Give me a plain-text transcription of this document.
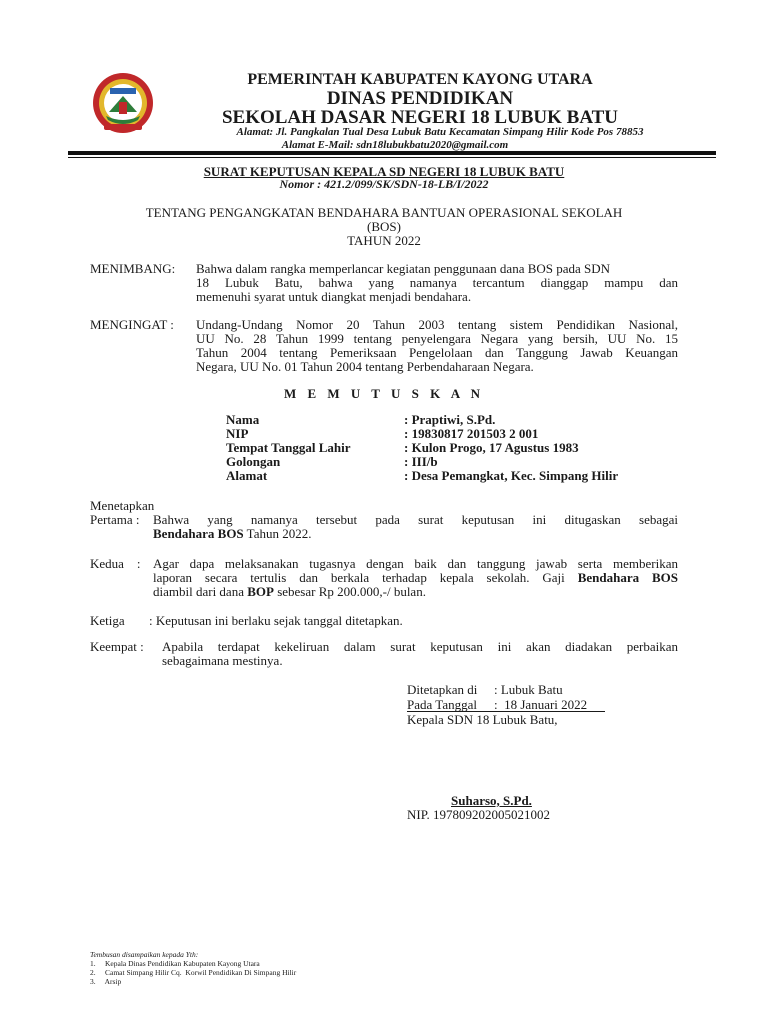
PEMERINTAH KABUPATEN KAYONG UTARA
DINAS PENDIDIKAN
SEKOLAH DASAR NEGERI 18 LUBUK BATU
Alamat: Jl. Pangkalan Tual Desa Lubuk Batu Kecamatan Simpang Hilir Kode Pos 78853
Alamat E-Mail: sdn18lubukbatu2020@gmail.com
SURAT KEPUTUSAN KEPALA SD NEGERI 18 LUBUK BATU
Nomor : 421.2/099/SK/SDN-18-LB/I/2022
TENTANG PENGANGKATAN BENDAHARA BANTUAN OPERASIONAL SEKOLAH
(BOS)
TAHUN 2022
MENIMBANG: Bahwa dalam rangka memperlancar kegiatan penggunaan dana BOS pada SDN
18 Lubuk Batu, bahwa yang namanya tercantum dianggap mampu dan
memenuhi syarat untuk diangkat menjadi bendahara.
MENGINGAT : Undang-Undang Nomor 20 Tahun 2003 tentang sistem Pendidikan Nasional,
UU No. 28 Tahun 1999 tentang penyelengara Negara yang bersih, UU No. 15
Tahun 2004 tentang Pemeriksaan Pengelolaan dan Tanggung Jawab Keuangan
Negara, UU No. 01 Tahun 2004 tentang Perbendaharaan Negara.
M E M U T U S K A N
Nama	: Praptiwi, S.Pd.
NIP	: 19830817 201503 2 001
Tempat Tanggal Lahir	: Kulon Progo, 17 Agustus 1983
Golongan	: III/b
Alamat	: Desa Pemangkat, Kec. Simpang Hilir
Menetapkan
Pertama : Bahwa yang namanya tersebut pada surat keputusan ini ditugaskan sebagai
Bendahara BOS Tahun 2022.
Kedua    : Agar dapa melaksanakan tugasnya dengan baik dan tanggung jawab serta memberikan
laporan secara tertulis dan berkala terhadap kepala sekolah. Gaji Bendahara BOS
diambil dari dana BOP sebesar Rp 200.000,-/ bulan.
Ketiga : Keputusan ini berlaku sejak tanggal ditetapkan.
Keempat : Apabila terdapat kekeliruan dalam surat keputusan ini akan diadakan perbaikan
sebagaimana mestinya.
Ditetapkan di : Lubuk Batu
Pada Tanggal :  18 Januari 2022
Kepala SDN 18 Lubuk Batu,
Suharso, S.Pd.
NIP. 197809202005021002
Tembusan disampaikan kepada Yth:
1.     Kepala Dinas Pendidikan Kabupaten Kayong Utara
2.     Camat Simpang Hilir Cq.  Korwil Pendidikan Di Simpang Hilir
3.     Arsip
